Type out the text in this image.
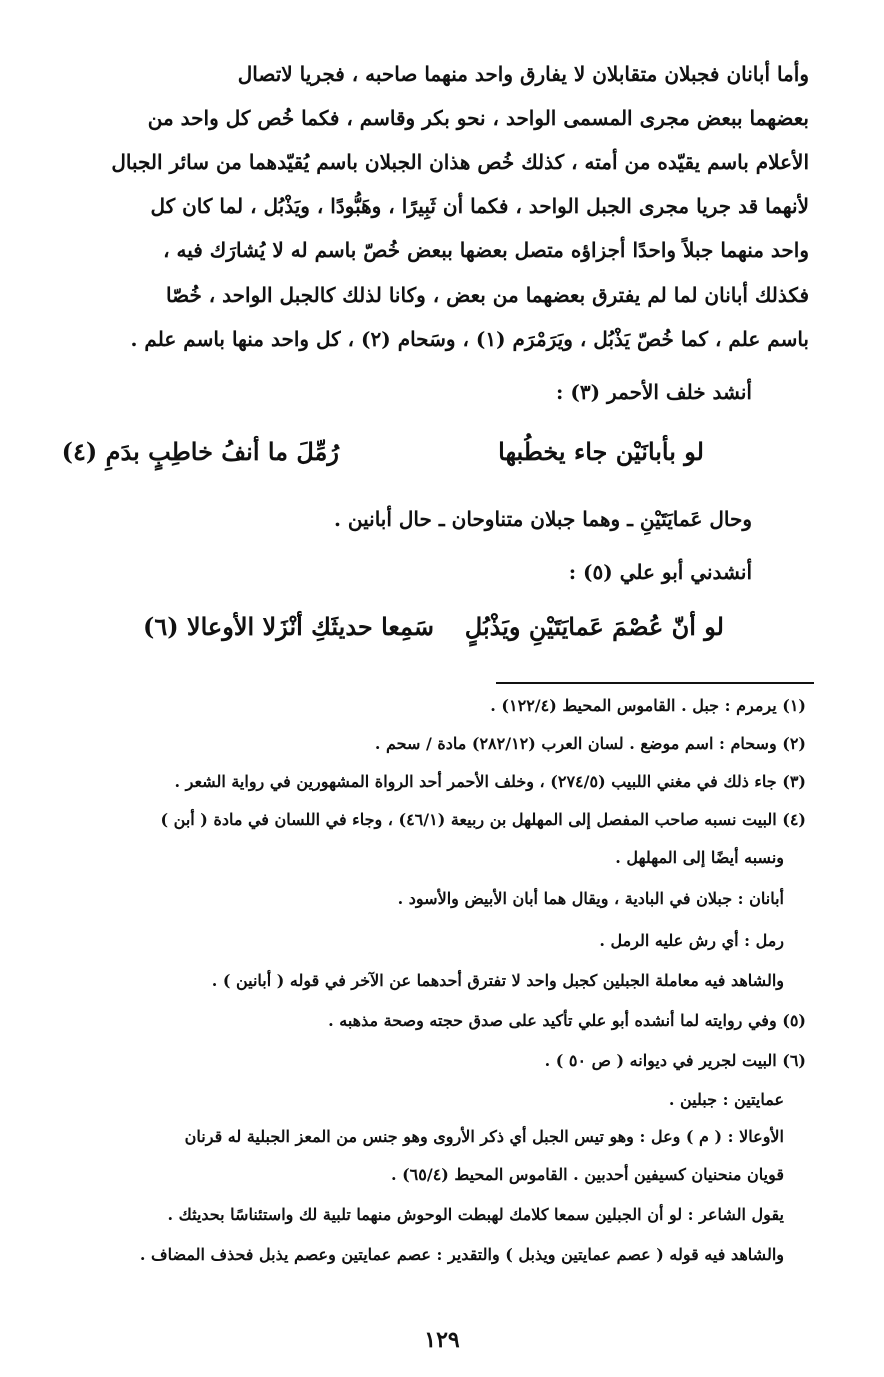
وأما أبانان فجبلان متقابلان لا يفارق واحد منهما صاحبه ، فجريا لاتصال
بعضهما ببعض مجرى المسمى الواحد ، نحو بكر وقاسم ، فكما خُص كل واحد من
الأعلام باسم يقيّده من أمته ، كذلك خُص هذان الجبلان باسم يُقيّدهما من سائر الجبال
لأنهما قد جريا مجرى الجبل الواحد ، فكما أن ثَبِيرًا ، وهَبُّودًا ، ويَذْبُل ، لما كان كل
واحد منهما جبلاً واحدًا أجزاؤه متصل بعضها ببعض خُصّ باسم له لا يُشارَك فيه ،
فكذلك أبانان لما لم يفترق بعضهما من بعض ، وكانا لذلك كالجبل الواحد ، خُصّا
باسم علم ، كما خُصّ يَذْبُل ، ويَرَمْرَم (١) ، وسَحام (٢) ، كل واحد منها باسم علم .
أنشد خلف الأحمر (٣) :
لو بأبانَيْن جاء يخطُبها
رُمِّلَ ما أنفُ خاطِبٍ بدَمِ (٤)
وحال عَمايَتَيْنِ ـ وهما جبلان متناوحان ـ حال أبانين .
أنشدني أبو علي (٥) :
لو أنّ عُصْمَ عَمايَتَيْنِ ويَذْبُلٍ
سَمِعا حديثَكِ أنْزَلا الأوعالا (٦)
(١) يرمرم : جبل . القاموس المحيط (١٢٢/٤) .
(٢) وسحام : اسم موضع . لسان العرب (٢٨٢/١٢) مادة / سحم .
(٣) جاء ذلك في مغني اللبيب (٢٧٤/٥) ، وخلف الأحمر أحد الرواة المشهورين في رواية الشعر .
(٤) البيت نسبه صاحب المفصل إلى المهلهل بن ربيعة (٤٦/١) ، وجاء في اللسان في مادة ( أبن )
ونسبه أيضًا إلى المهلهل .
أبانان : جبلان في البادية ، ويقال هما أبان الأبيض والأسود .
رمل : أي رش عليه الرمل .
والشاهد فيه معاملة الجبلين كجبل واحد لا تفترق أحدهما عن الآخر في قوله ( أبانين ) .
(٥) وفي روايته لما أنشده أبو علي تأكيد على صدق حجته وصحة مذهبه .
(٦) البيت لجرير في ديوانه ( ص ٥٠ ) .
عمايتين : جبلين .
الأوعالا : ( م ) وعل : وهو تيس الجبل أي ذكر الأروى وهو جنس من المعز الجبلية له قرنان
قويان منحنيان كسيفين أحدبين . القاموس المحيط (٦٥/٤) .
يقول الشاعر : لو أن الجبلين سمعا كلامك لهبطت الوحوش منهما تلبية لك واستئناسًا بحديثك .
والشاهد فيه قوله ( عصم عمايتين ويذبل ) والتقدير : عصم عمايتين وعصم يذبل فحذف المضاف .
١٢٩
